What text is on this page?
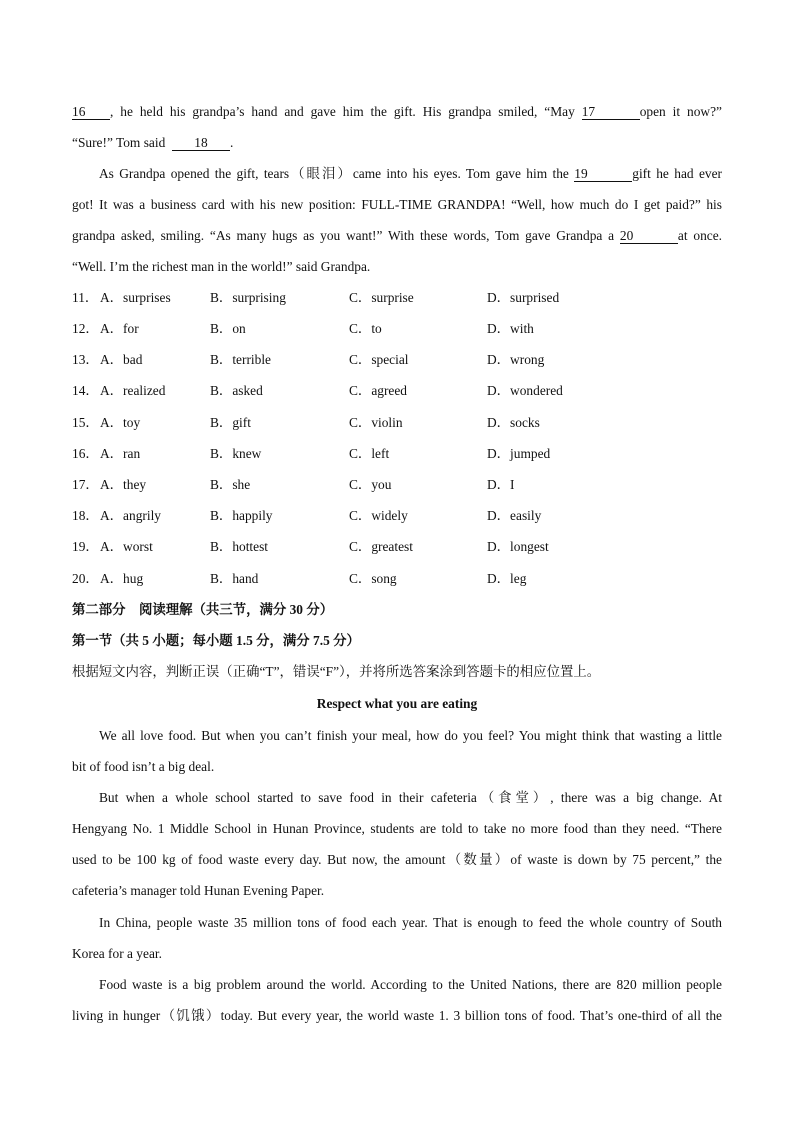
16 , he held his grandpa’s hand and gave him the gift. His grandpa smiled, “May 17	open it now?”
“Sure!” Tom said 18 .
As Grandpa opened the gift, tears（眼泪）came into his eyes. Tom gave him the 19	gift he had ever
got! It was a business card with his new position: FULL-TIME GRANDPA! “Well, how much do I get paid?” his
grandpa asked, smiling. “As many hugs as you want!” With these words, Tom gave Grandpa a 20	at once.
“Well. I’m the richest man in the world!” said Grandpa.
11． A．surprises	B．surprising	C．surprise	D．surprised
12． A．for	B．on	C．to	D．with
13． A．bad	B．terrible	C．special	D．wrong
14． A．realized	B．asked	C．agreed	D．wondered
15． A．toy	B．gift	C．violin	D．socks
16． A．ran	B．knew	C．left	D．jumped
17． A．they	B．she	C．you	D．I
18． A．angrily	B．happily	C．widely	D．easily
19． A．worst	B．hottest	C．greatest	D．longest
20． A．hug	B．hand	C．song	D．leg
第二部分　阅读理解（共三节，满分 30 分）
第一节（共 5 小题；每小题 1.5 分，满分 7.5 分）
根据短文内容，判断正误（正确“T”，错误“F”），并将所选答案涂到答题卡的相应位置上。
Respect what you are eating
We all love food. But when you can’t finish your meal, how do you feel? You might think that wasting a little
bit of food isn’t a big deal.
But when a whole school started to save food in their cafeteria（食堂）, there was a big change. At
Hengyang No. 1 Middle School in Hunan Province, students are told to take no more food than they need. “There
used to be 100 kg of food waste every day. But now, the amount（数量）of waste is down by 75 percent,” the
cafeteria’s manager told Hunan Evening Paper.
In China, people waste 35 million tons of food each year. That is enough to feed the whole country of South
Korea for a year.
Food waste is a big problem around the world. According to the United Nations, there are 820 million people
living in hunger（饥饿）today. But every year, the world waste 1. 3 billion tons of food. That’s one-third of all the
